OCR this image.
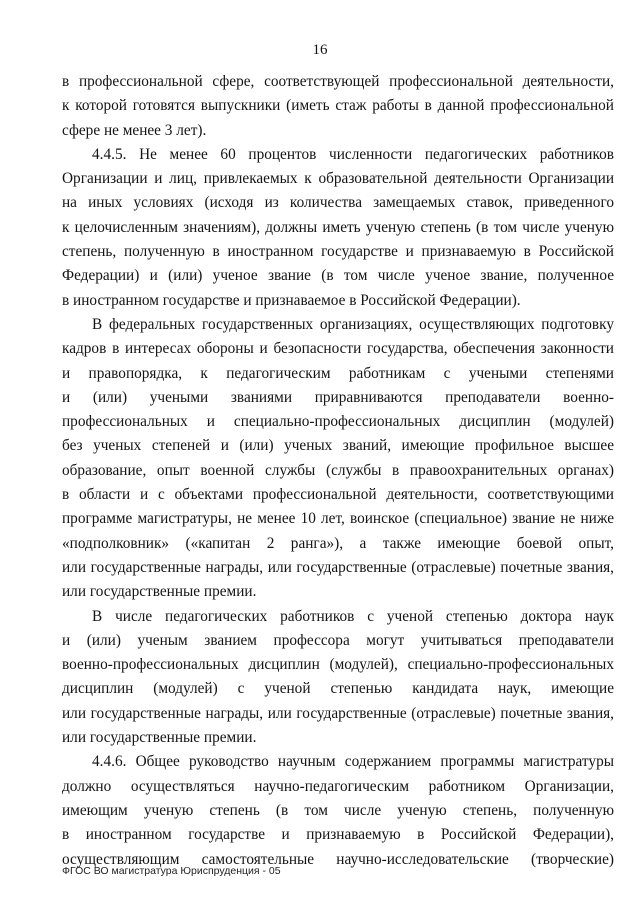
16
в профессиональной сфере, соответствующей профессиональной деятельности,
к которой готовятся выпускники (иметь стаж работы в данной профессиональной
сфере не менее 3 лет).
4.4.5. Не менее 60 процентов численности педагогических работников
Организации и лиц, привлекаемых к образовательной деятельности Организации
на иных условиях (исходя из количества замещаемых ставок, приведенного
к целочисленным значениям), должны иметь ученую степень (в том числе ученую
степень, полученную в иностранном государстве и признаваемую в Российской
Федерации) и (или) ученое звание (в том числе ученое звание, полученное
в иностранном государстве и признаваемое в Российской Федерации).
В федеральных государственных организациях, осуществляющих подготовку
кадров в интересах обороны и безопасности государства, обеспечения законности
и правопорядка, к педагогическим работникам с учеными степенями
и (или) учеными званиями приравниваются преподаватели военно-
профессиональных и специально-профессиональных дисциплин (модулей)
без ученых степеней и (или) ученых званий, имеющие профильное высшее
образование, опыт военной службы (службы в правоохранительных органах)
в области и с объектами профессиональной деятельности, соответствующими
программе магистратуры, не менее 10 лет, воинское (специальное) звание не ниже
«подполковник» («капитан 2 ранга»), а также имеющие боевой опыт,
или государственные награды, или государственные (отраслевые) почетные звания,
или государственные премии.
В числе педагогических работников с ученой степенью доктора наук
и (или) ученым званием профессора могут учитываться преподаватели
военно-профессиональных дисциплин (модулей), специально-профессиональных
дисциплин (модулей) с ученой степенью кандидата наук, имеющие
или государственные награды, или государственные (отраслевые) почетные звания,
или государственные премии.
4.4.6. Общее руководство научным содержанием программы магистратуры
должно осуществляться научно-педагогическим работником Организации,
имеющим ученую степень (в том числе ученую степень, полученную
в иностранном государстве и признаваемую в Российской Федерации),
осуществляющим самостоятельные научно-исследовательские (творческие)
ФГОС ВО магистратура Юриспруденция - 05
